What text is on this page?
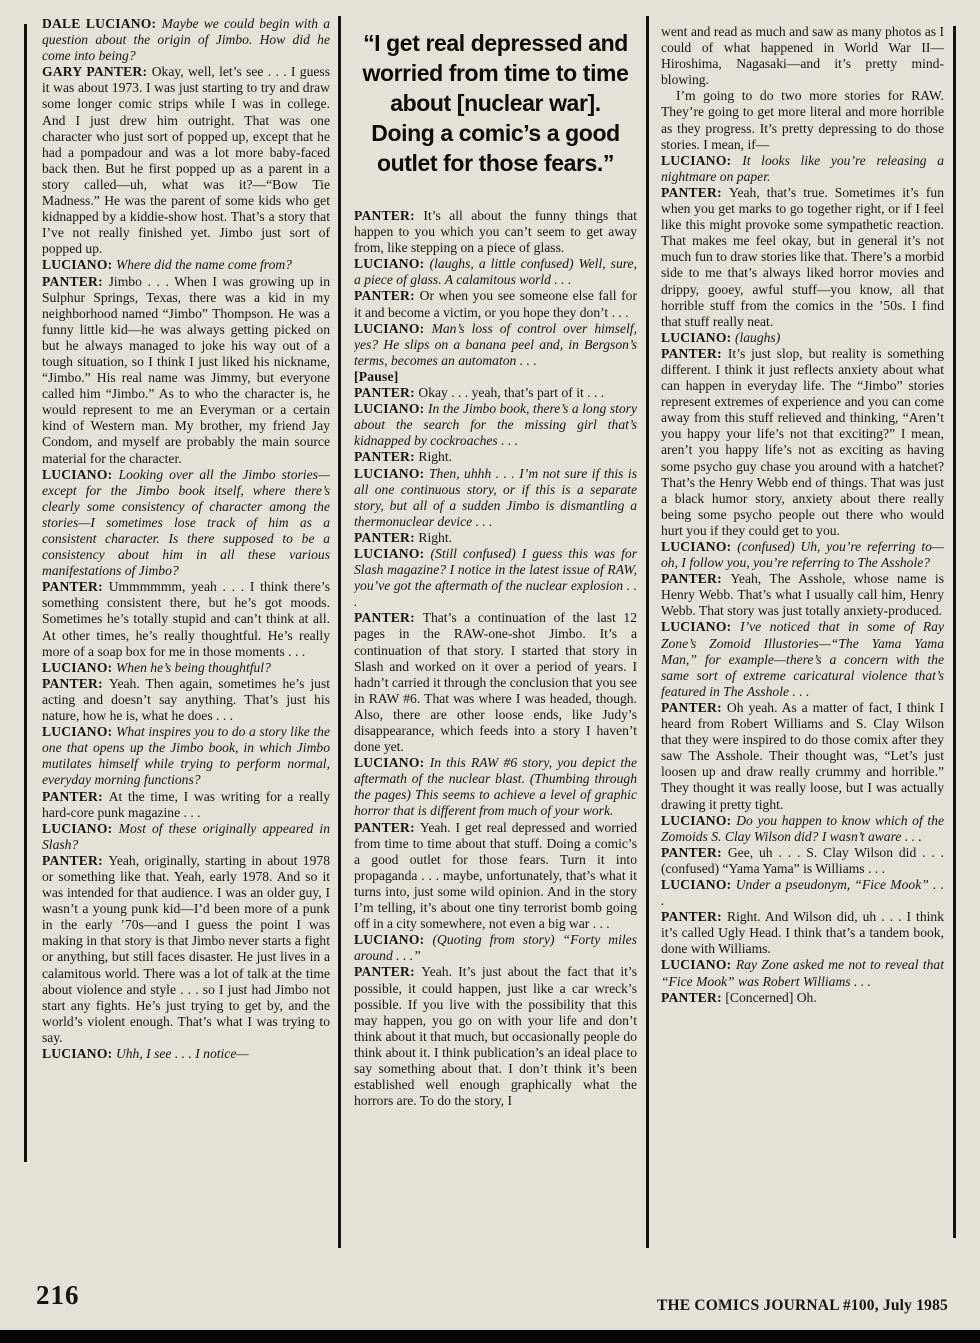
DALE LUCIANO: Maybe we could begin with a question about the origin of Jimbo. How did he come into being?

GARY PANTER: Okay, well, let’s see . . . I guess it was about 1973. I was just starting to try and draw some longer comic strips while I was in college. And I just drew him outright. That was one character who just sort of popped up, except that he had a pompadour and was a lot more baby-faced back then. But he first popped up as a parent in a story called—uh, what was it?—“Bow Tie Madness.” He was the parent of some kids who get kidnapped by a kiddie-show host. That’s a story that I’ve not really finished yet. Jimbo just sort of popped up.

LUCIANO: Where did the name come from?

PANTER: Jimbo . . . When I was growing up in Sulphur Springs, Texas, there was a kid in my neighborhood named “Jimbo” Thompson. He was a funny little kid—he was always getting picked on but he always managed to joke his way out of a tough situation, so I think I just liked his nickname, “Jimbo.” His real name was Jimmy, but everyone called him “Jimbo.” As to who the character is, he would represent to me an Everyman or a certain kind of Western man. My brother, my friend Jay Condom, and myself are probably the main source material for the character.

LUCIANO: Looking over all the Jimbo stories—except for the Jimbo book itself, where there’s clearly some consistency of character among the stories—I sometimes lose track of him as a consistent character. Is there supposed to be a consistency about him in all these various manifestations of Jimbo?

PANTER: Ummmmmm, yeah . . . I think there’s something consistent there, but he’s got moods. Sometimes he’s totally stupid and can’t think at all. At other times, he’s really thoughtful. He’s really more of a soap box for me in those moments . . .

LUCIANO: When he’s being thoughtful?

PANTER: Yeah. Then again, sometimes he’s just acting and doesn’t say anything. That’s just his nature, how he is, what he does . . .

LUCIANO: What inspires you to do a story like the one that opens up the Jimbo book, in which Jimbo mutilates himself while trying to perform normal, everyday morning functions?

PANTER: At the time, I was writing for a really hard-core punk magazine . . .

LUCIANO: Most of these originally appeared in Slash?

PANTER: Yeah, originally, starting in about 1978 or something like that. Yeah, early 1978. And so it was intended for that audience. I was an older guy, I wasn’t a young punk kid—I’d been more of a punk in the early ’70s—and I guess the point I was making in that story is that Jimbo never starts a fight or anything, but still faces disaster. He just lives in a calamitous world. There was a lot of talk at the time about violence and style . . . so I just had Jimbo not start any fights. He’s just trying to get by, and the world’s violent enough. That’s what I was trying to say.

LUCIANO: Uhh, I see . . . I notice—

“I get real depressed and worried from time to time about [nuclear war]. Doing a comic’s a good outlet for those fears.”

PANTER: It’s all about the funny things that happen to you which you can’t seem to get away from, like stepping on a piece of glass.

LUCIANO: (laughs, a little confused) Well, sure, a piece of glass. A calamitous world . . .

PANTER: Or when you see someone else fall for it and become a victim, or you hope they don’t . . .

LUCIANO: Man’s loss of control over himself, yes? He slips on a banana peel and, in Bergson’s terms, becomes an automaton . . .

[Pause]

PANTER: Okay . . . yeah, that’s part of it . . .

LUCIANO: In the Jimbo book, there’s a long story about the search for the missing girl that’s kidnapped by cockroaches . . .

PANTER: Right.

LUCIANO: Then, uhhh . . . I’m not sure if this is all one continuous story, or if this is a separate story, but all of a sudden Jimbo is dismantling a thermonuclear device . . .

PANTER: Right.

LUCIANO: (Still confused) I guess this was for Slash magazine? I notice in the latest issue of RAW, you’ve got the aftermath of the nuclear explosion . . .

PANTER: That’s a continuation of the last 12 pages in the RAW-one-shot Jimbo. It’s a continuation of that story. I started that story in Slash and worked on it over a period of years. I hadn’t carried it through the conclusion that you see in RAW #6. That was where I was headed, though. Also, there are other loose ends, like Judy’s disappearance, which feeds into a story I haven’t done yet.

LUCIANO: In this RAW #6 story, you depict the aftermath of the nuclear blast. (Thumbing through the pages) This seems to achieve a level of graphic horror that is different from much of your work.

PANTER: Yeah. I get real depressed and worried from time to time about that stuff. Doing a comic’s a good outlet for those fears. Turn it into propaganda . . . maybe, unfortunately, that’s what it turns into, just some wild opinion. And in the story I’m telling, it’s about one tiny terrorist bomb going off in a city somewhere, not even a big war . . .

LUCIANO: (Quoting from story) “Forty miles around . . .”

PANTER: Yeah. It’s just about the fact that it’s possible, it could happen, just like a car wreck’s possible. If you live with the possibility that this may happen, you go on with your life and don’t think about it that much, but occasionally people do think about it. I think publication’s an ideal place to say something about that. I don’t think it’s been established well enough graphically what the horrors are. To do the story, I

went and read as much and saw as many photos as I could of what happened in World War II—Hiroshima, Nagasaki—and it’s pretty mind-blowing.

I’m going to do two more stories for RAW. They’re going to get more literal and more horrible as they progress. It’s pretty depressing to do those stories. I mean, if—

LUCIANO: It looks like you’re releasing a nightmare on paper.

PANTER: Yeah, that’s true. Sometimes it’s fun when you get marks to go together right, or if I feel like this might provoke some sympathetic reaction. That makes me feel okay, but in general it’s not much fun to draw stories like that. There’s a morbid side to me that’s always liked horror movies and drippy, gooey, awful stuff—you know, all that horrible stuff from the comics in the ’50s. I find that stuff really neat.

LUCIANO: (laughs)

PANTER: It’s just slop, but reality is something different. I think it just reflects anxiety about what can happen in everyday life. The “Jimbo” stories represent extremes of experience and you can come away from this stuff relieved and thinking, “Aren’t you happy your life’s not that exciting?” I mean, aren’t you happy life’s not as exciting as having some psycho guy chase you around with a hatchet? That’s the Henry Webb end of things. That was just a black humor story, anxiety about there really being some psycho people out there who would hurt you if they could get to you.

LUCIANO: (confused) Uh, you’re referring to—oh, I follow you, you’re referring to The Asshole?

PANTER: Yeah, The Asshole, whose name is Henry Webb. That’s what I usually call him, Henry Webb. That story was just totally anxiety-produced.

LUCIANO: I’ve noticed that in some of Ray Zone’s Zomoid Illustories—“The Yama Yama Man,” for example—there’s a concern with the same sort of extreme caricatural violence that’s featured in The Asshole . . .

PANTER: Oh yeah. As a matter of fact, I think I heard from Robert Williams and S. Clay Wilson that they were inspired to do those comix after they saw The Asshole. Their thought was, “Let’s just loosen up and draw really crummy and horrible.” They thought it was really loose, but I was actually drawing it pretty tight.

LUCIANO: Do you happen to know which of the Zomoids S. Clay Wilson did? I wasn’t aware . . .

PANTER: Gee, uh . . . S. Clay Wilson did . . . (confused) “Yama Yama” is Williams . . .

LUCIANO: Under a pseudonym, “Fice Mook” . . .

PANTER: Right. And Wilson did, uh . . . I think it’s called Ugly Head. I think that’s a tandem book, done with Williams.

LUCIANO: Ray Zone asked me not to reveal that “Fice Mook” was Robert Williams . . .

PANTER: [Concerned] Oh.

216	THE COMICS JOURNAL #100, July 1985
